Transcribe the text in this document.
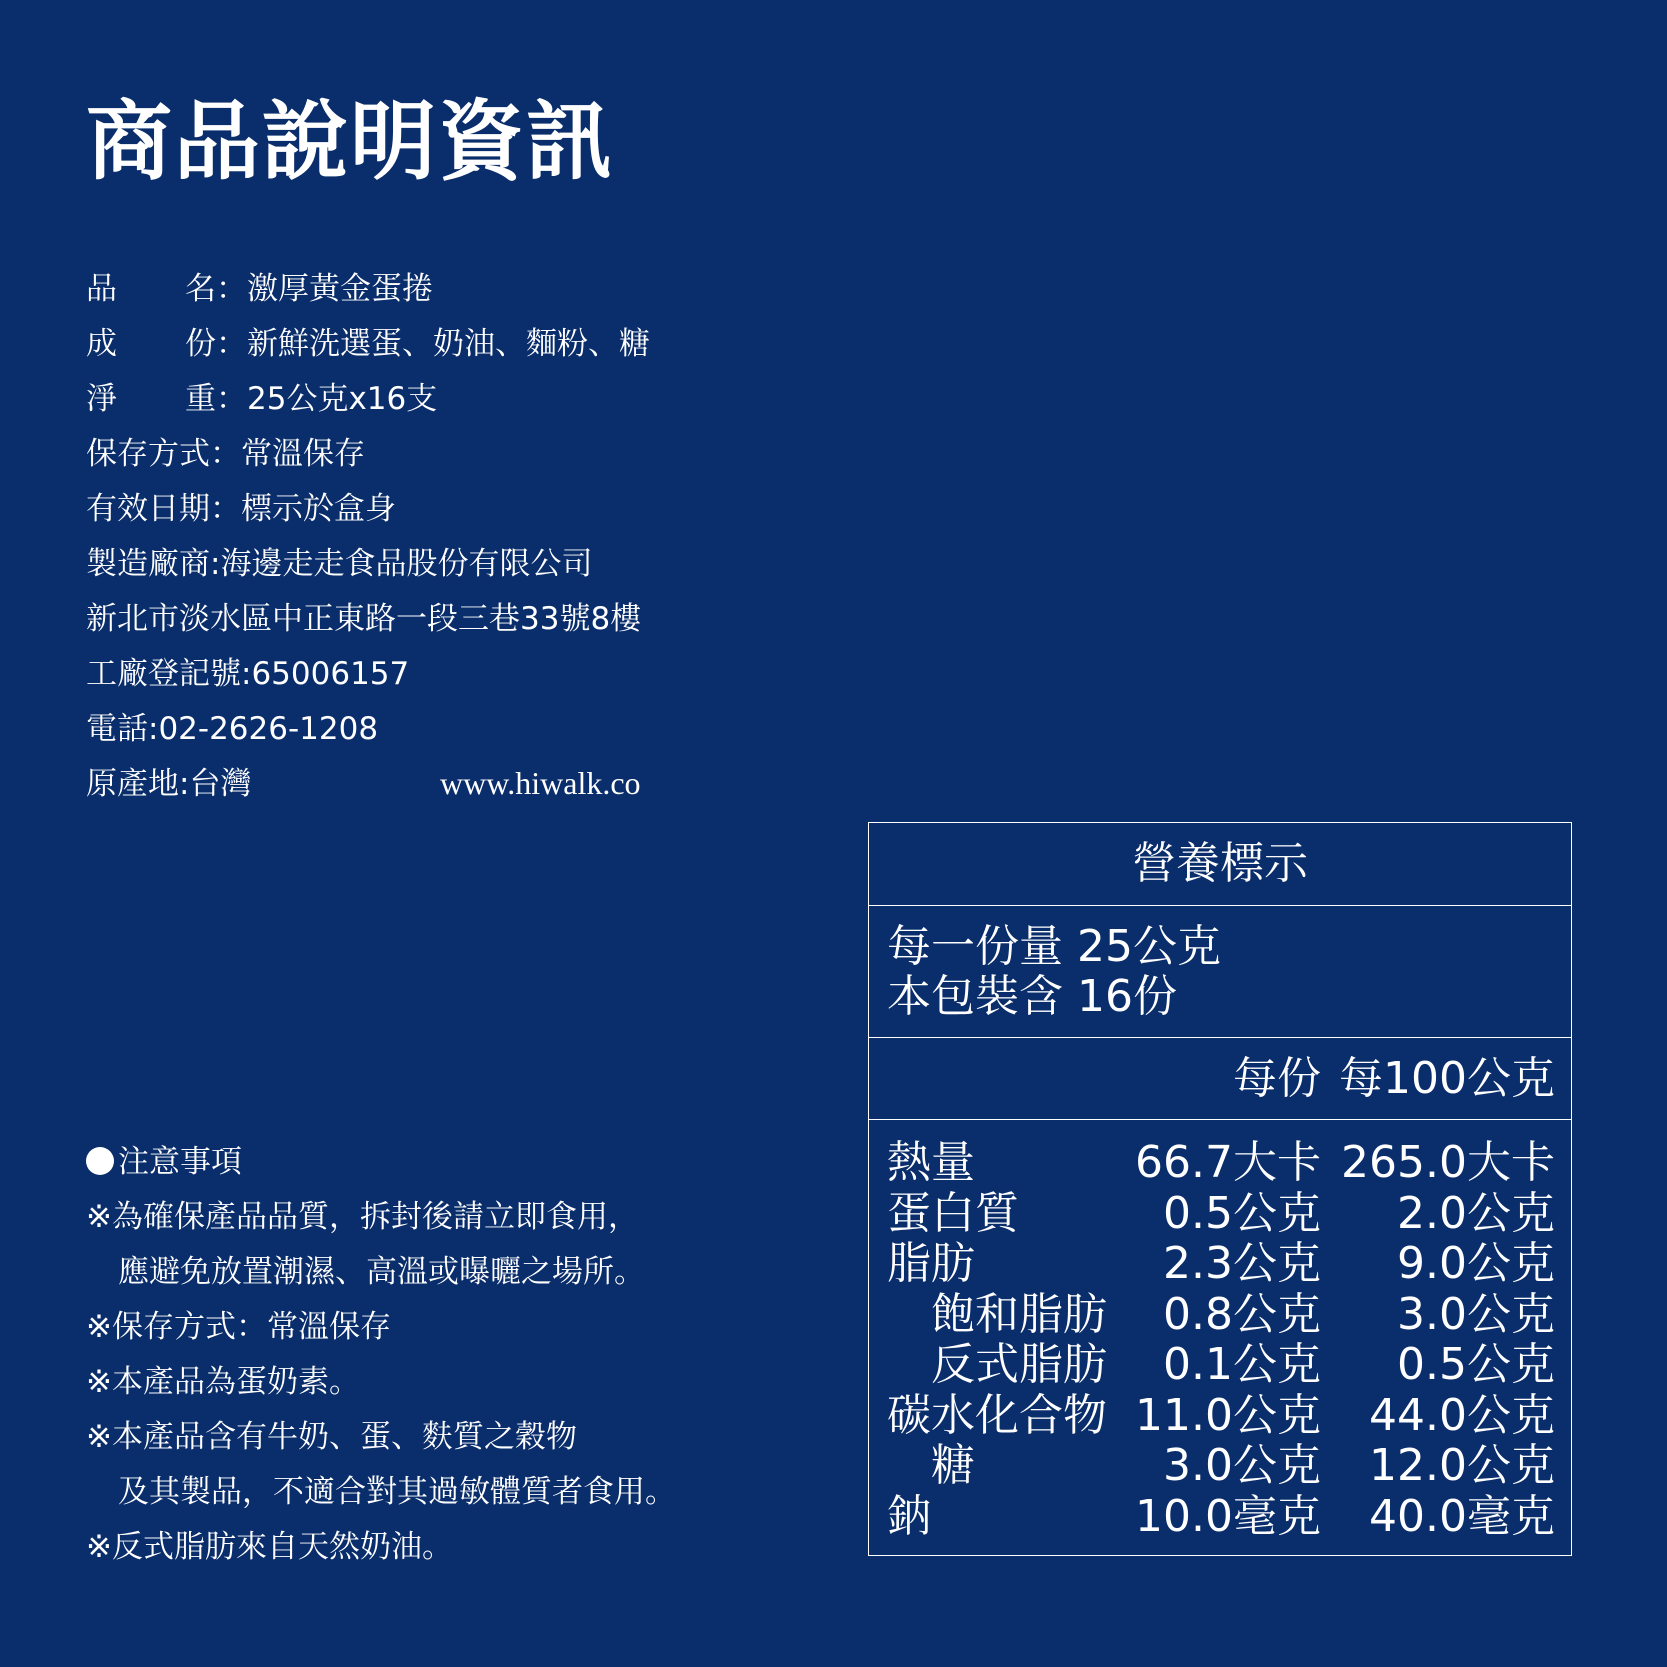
商品說明資訊
品 名 ： 激厚黃金蛋捲
成 份 ： 新鮮洗選蛋、奶油、麵粉、糖
淨 重 ： 25公克x16支
保存方式 ： 常溫保存
有效日期 ： 標示於盒身
製造廠商 : 海邊走走食品股份有限公司
新北市淡水區中正東路一段三巷33號8樓
工廠登記號 : 65006157
電話 : 02-2626-1208
原產地 : 台灣	www.hiwalk.co
注意事項
※為確保產品品質，拆封後請立即食用，
應避免放置潮濕、高溫或曝曬之場所。
※保存方式：常溫保存
※本產品為蛋奶素。
※本產品含有牛奶、蛋、麩質之穀物
及其製品，不適合對其過敏體質者食用。
※反式脂肪來自天然奶油。
營養標示
每一份量 25公克
本包裝含 16份
每份 每100公克
熱量	66.7大卡 265.0大卡
蛋白質	0.5公克 2.0公克
脂肪	2.3公克 9.0公克
飽和脂肪 0.8公克 3.0公克
反式脂肪 0.1公克 0.5公克
碳水化合物 11.0公克 44.0公克
糖	3.0公克 12.0公克
鈉	10.0毫克 40.0毫克
